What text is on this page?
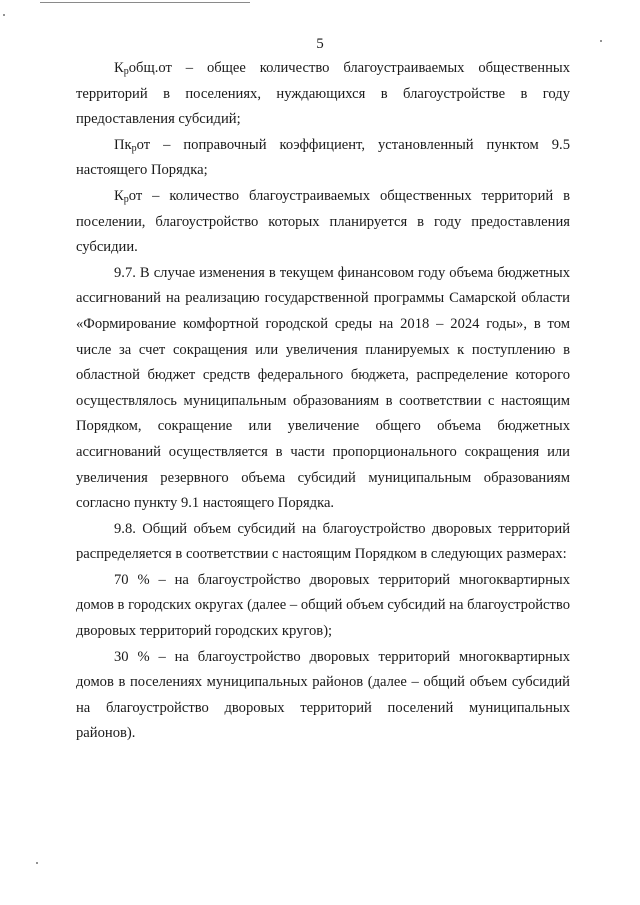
5

$К_робщ.от$ – общее количество благоустраиваемых общественных территорий в поселениях, нуждающихся в благоустройстве в году предоставления субсидий;

$Пк_рот$ – поправочный коэффициент, установленный пунктом 9.5 настоящего Порядка;

$К_рот$ – количество благоустраиваемых общественных территорий в поселении, благоустройство которых планируется в году предоставления субсидии.

9.7. В случае изменения в текущем финансовом году объема бюджетных ассигнований на реализацию государственной программы Самарской области «Формирование комфортной городской среды на 2018 – 2024 годы», в том числе за счет сокращения или увеличения планируемых к поступлению в областной бюджет средств федерального бюджета, распределение которого осуществлялось муниципальным образованиям в соответствии с настоящим Порядком, сокращение или увеличение общего объема бюджетных ассигнований осуществляется в части пропорционального сокращения или увеличения резервного объема субсидий муниципальным образованиям согласно пункту 9.1 настоящего Порядка.

9.8. Общий объем субсидий на благоустройство дворовых территорий распределяется в соответствии с настоящим Порядком в следующих размерах:

70 % – на благоустройство дворовых территорий многоквартирных домов в городских округах (далее – общий объем субсидий на благоустройство дворовых территорий городских кругов);

30 % – на благоустройство дворовых территорий многоквартирных домов в поселениях муниципальных районов (далее – общий объем субсидий на благоустройство дворовых территорий поселений муниципальных районов).
